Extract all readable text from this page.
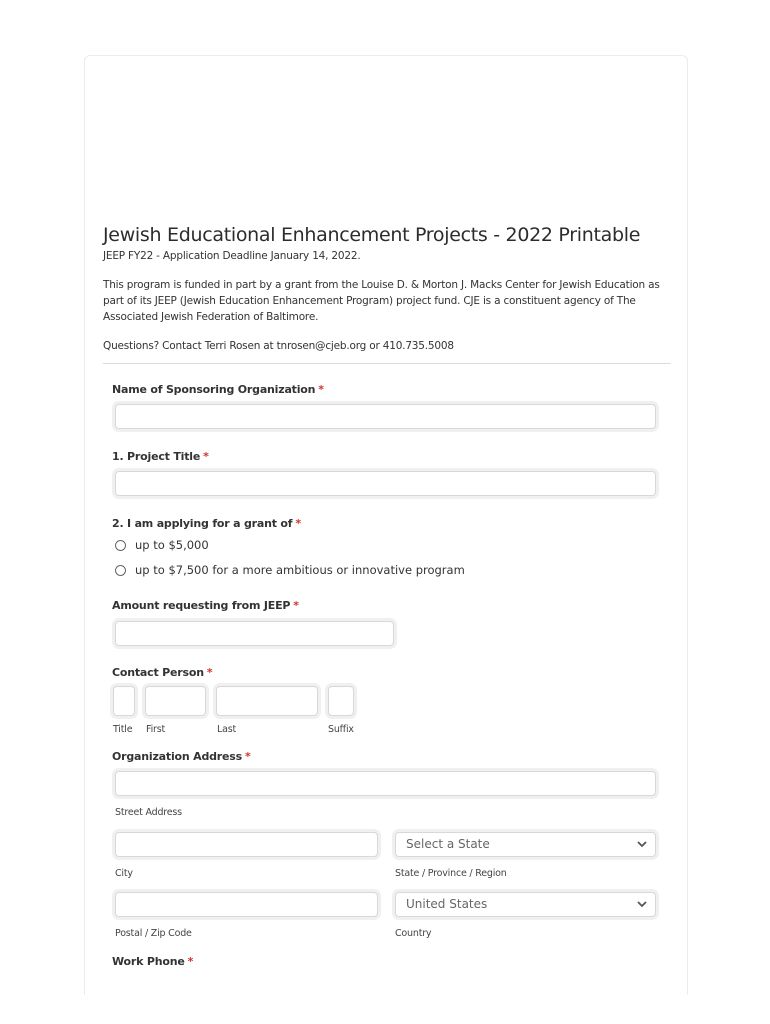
Jewish Educational Enhancement Projects - 2022 Printable
JEEP FY22 - Application Deadline January 14, 2022.
This program is funded in part by a grant from the Louise D. & Morton J. Macks Center for Jewish Education as part of its JEEP (Jewish Education Enhancement Program) project fund. CJE is a constituent agency of The Associated Jewish Federation of Baltimore.
Questions? Contact Terri Rosen at tnrosen@cjeb.org or 410.735.5008
Name of Sponsoring Organization *
1. Project Title *
2. I am applying for a grant of *
up to $5,000
up to $7,500 for a more ambitious or innovative program
Amount requesting from JEEP *
Contact Person *
Title First	Last	Suffix
Organization Address *
Street Address
City
Select a State
State / Province / Region
Postal / Zip Code
United States
Country
Work Phone *
